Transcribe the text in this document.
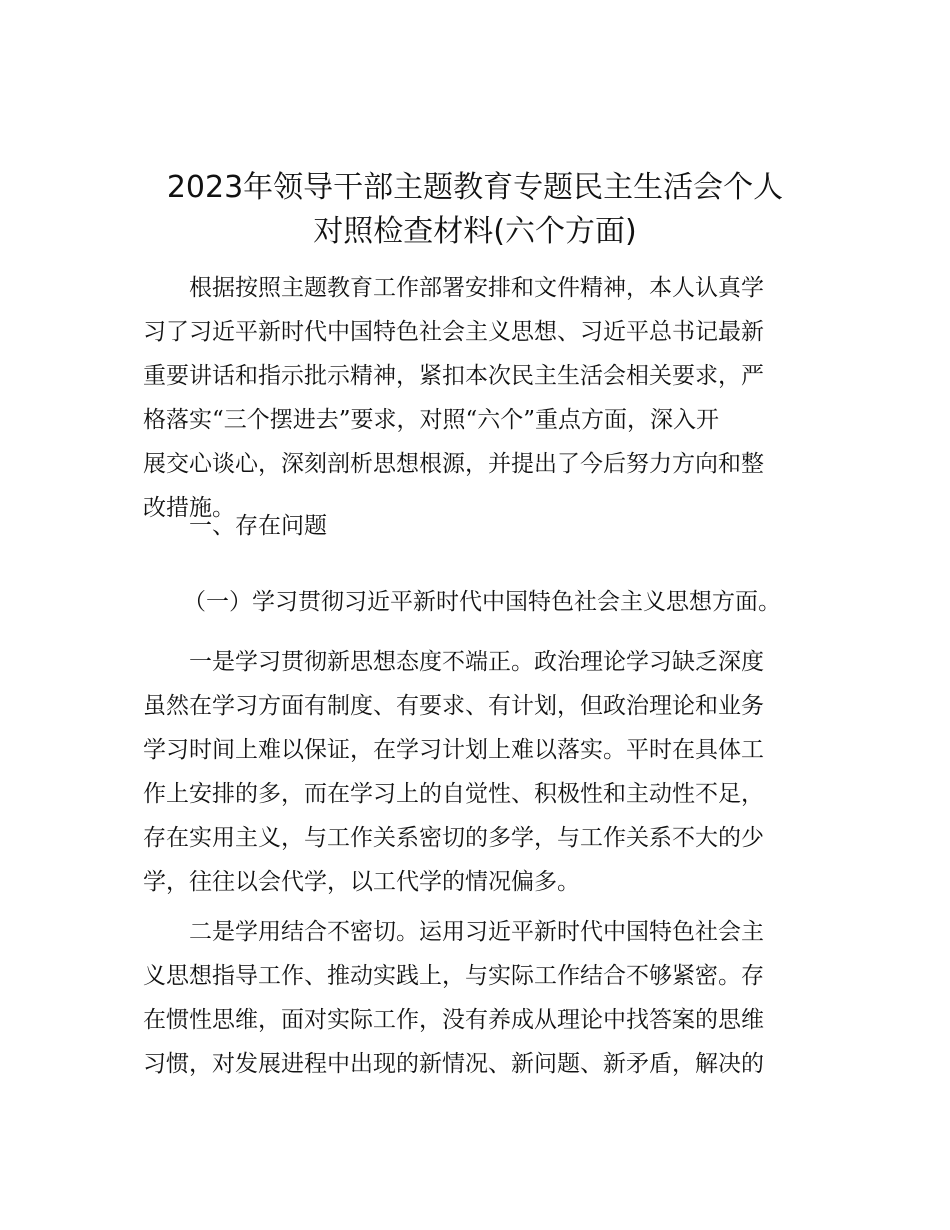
2023年领导干部主题教育专题民主生活会个人
对照检查材料(六个方面)
根据按照主题教育工作部署安排和文件精神，本人认真学
习了习近平新时代中国特色社会主义思想、习近平总书记最新
重要讲话和指示批示精神，紧扣本次民主生活会相关要求，严
格落实“三个摆进去”要求，对照“六个”重点方面，深入开
展交心谈心，深刻剖析思想根源，并提出了今后努力方向和整
改措施。
一、存在问题
（一）学习贯彻习近平新时代中国特色社会主义思想方面。
一是学习贯彻新思想态度不端正。政治理论学习缺乏深度
虽然在学习方面有制度、有要求、有计划，但政治理论和业务
学习时间上难以保证，在学习计划上难以落实。平时在具体工
作上安排的多，而在学习上的自觉性、积极性和主动性不足，
存在实用主义，与工作关系密切的多学，与工作关系不大的少
学，往往以会代学，以工代学的情况偏多。
二是学用结合不密切。运用习近平新时代中国特色社会主
义思想指导工作、推动实践上，与实际工作结合不够紧密。存
在惯性思维，面对实际工作，没有养成从理论中找答案的思维
习惯，对发展进程中出现的新情况、新问题、新矛盾，解决的
